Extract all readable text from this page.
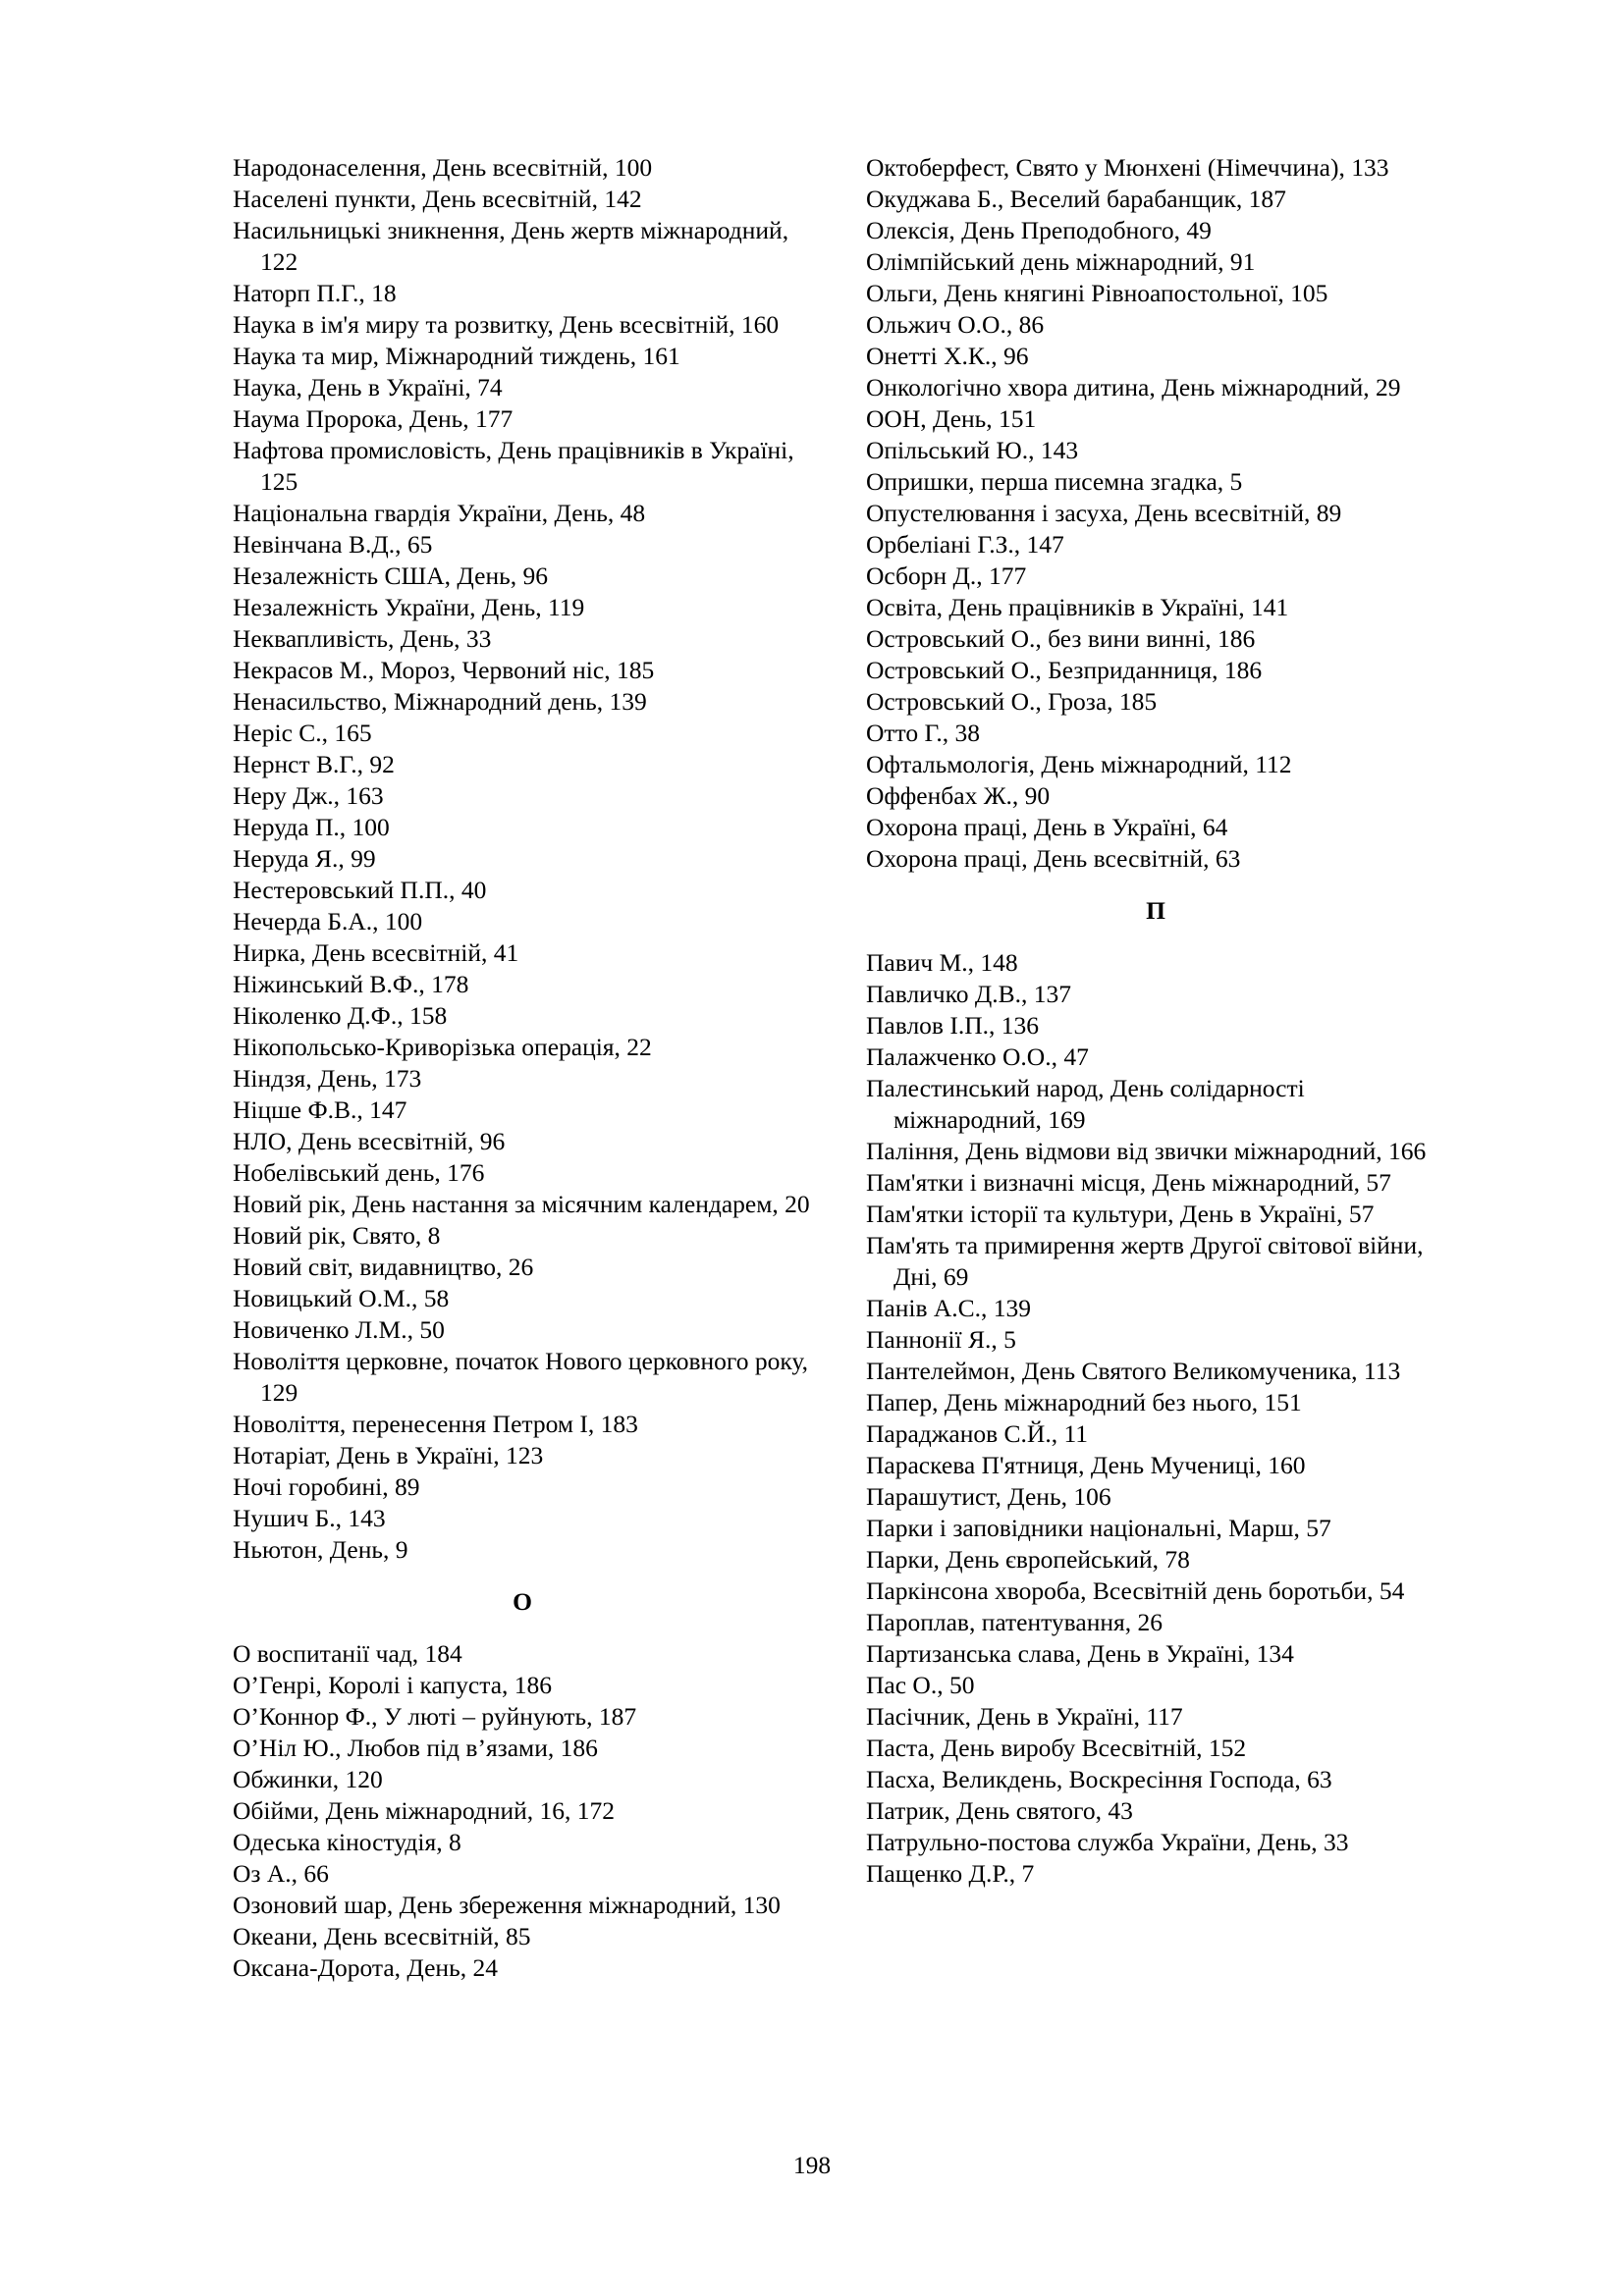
Народонаселення, День всесвітній, 100

Населені пункти, День всесвітній, 142

Насильницькі зникнення, День жертв міжнародний, 122

Наторп П.Г., 18

Наука в ім'я миру та розвитку, День всесвітній, 160

Наука та мир, Міжнародний тиждень, 161

Наука, День в Україні, 74

Наума Пророка, День, 177

Нафтова промисловість, День працівників в Україні, 125

Національна гвардія України, День, 48

Невінчана В.Д., 65

Незалежність США, День, 96

Незалежність України, День, 119

Неквапливість, День, 33

Некрасов М., Мороз, Червоний ніс, 185

Ненасильство, Міжнародний день, 139

Неріс С., 165

Нернст В.Г., 92

Неру Дж., 163

Неруда П., 100

Неруда Я., 99

Нестеровський П.П., 40

Нечерда Б.А., 100

Нирка, День всесвітній, 41

Ніжинський В.Ф., 178

Ніколенко Д.Ф., 158

Нікопольсько-Криворізька операція, 22

Ніндзя, День, 173

Ніцше Ф.В., 147

НЛО, День всесвітній, 96

Нобелівський день, 176

Новий рік, День настання за місячним календарем, 20

Новий рік, Свято, 8

Новий світ, видавництво, 26

Новицький О.М., 58

Новиченко Л.М., 50

Новоліття церковне, початок Нового церковного року, 129

Новоліття, перенесення Петром І, 183

Нотаріат, День в Україні, 123

Ночі горобині, 89

Нушич Б., 143

Ньютон, День, 9

О

О воспитанії чад, 184

О’Генрі, Королі і капуста, 186

О’Коннор Ф., У люті – руйнують, 187

О’Ніл Ю., Любов під в’язами, 186

Обжинки, 120

Обійми, День міжнародний, 16, 172

Одеська кіностудія, 8

Оз А., 66

Озоновий шар, День збереження міжнародний, 130

Океани, День всесвітній, 85

Оксана-Дорота, День, 24

Октоберфест, Свято у Мюнхені (Німеччина), 133

Окуджава Б., Веселий барабанщик, 187

Олексія, День Преподобного, 49

Олімпійський день міжнародний, 91

Ольги, День княгині Рівноапостольної, 105

Ольжич О.О., 86

Онетті Х.К., 96

Онкологічно хвора дитина, День міжнародний, 29

ООН, День, 151

Опільський Ю., 143

Опришки, перша писемна згадка, 5

Опустелювання і засуха, День всесвітній, 89

Орбеліані Г.З., 147

Осборн Д., 177

Освіта, День працівників в Україні, 141

Островський О., без вини винні, 186

Островський О., Безприданниця, 186

Островський О., Гроза, 185

Отто Г., 38

Офтальмологія, День міжнародний, 112

Оффенбах Ж., 90

Охорона праці, День в Україні, 64

Охорона праці, День всесвітній, 63

П

Павич М., 148

Павличко Д.В., 137

Павлов І.П., 136

Палажченко О.О., 47

Палестинський народ, День солідарності міжнародний, 169

Паління, День відмови від звички міжнародний, 166

Пам'ятки і визначні місця, День міжнародний, 57

Пам'ятки історії та культури, День в Україні, 57

Пам'ять та примирення жертв Другої світової війни, Дні, 69

Панів А.С., 139

Паннонії Я., 5

Пантелеймон, День Святого Великомученика, 113

Папер, День міжнародний без нього, 151

Параджанов С.Й., 11

Параскева П'ятниця, День Мучениці, 160

Парашутист, День, 106

Парки і заповідники національні, Марш, 57

Парки, День європейський, 78

Паркінсона хвороба, Всесвітній день боротьби, 54

Пароплав, патентування, 26

Партизанська слава, День в Україні, 134

Пас О., 50

Пасічник, День в Україні, 117

Паста, День виробу Всесвітній, 152

Пасха, Великдень, Воскресіння Господа, 63

Патрик, День святого, 43

Патрульно-постова служба України, День, 33

Пащенко Д.Р., 7

198
